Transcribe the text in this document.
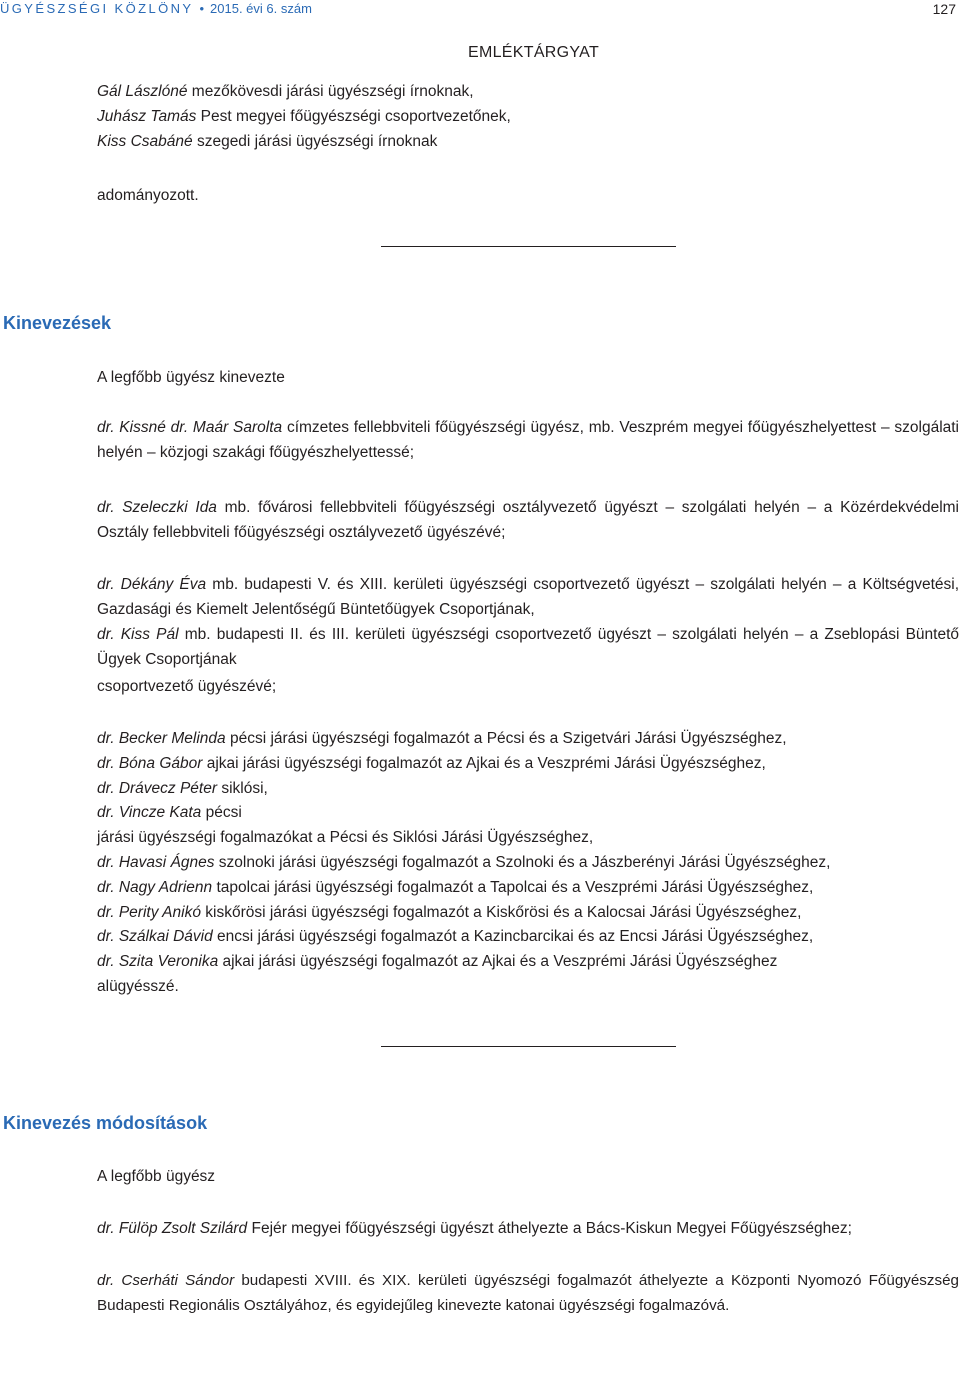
ÜGYÉSZSÉGI KÖZLÖNY • 2015. évi 6. szám	127
EMLÉKTÁRGYAT
Gál Lászlóné mezőkövesdi járási ügyészségi írnoknak,
Juhász Tamás Pest megyei főügyészségi csoportvezetőnek,
Kiss Csabáné szegedi járási ügyészségi írnoknak
adományozott.
Kinevezések
A legfőbb ügyész kinevezte
dr. Kissné dr. Maár Sarolta címzetes fellebbviteli főügyészségi ügyész, mb. Veszprém megyei főügyészhelyettest – szolgálati helyén – közjogi szakági főügyészhelyettessé;
dr. Szeleczki Ida mb. fővárosi fellebbviteli főügyészségi osztályvezető ügyészt – szolgálati helyén – a Közérdekvédelmi Osztály fellebbviteli főügyészségi osztályvezető ügyészévé;
dr. Dékány Éva mb. budapesti V. és XIII. kerületi ügyészségi csoportvezető ügyészt – szolgálati helyén – a Költségvetési, Gazdasági és Kiemelt Jelentőségű Büntetőügyek Csoportjának,
dr. Kiss Pál mb. budapesti II. és III. kerületi ügyészségi csoportvezető ügyészt – szolgálati helyén – a Zseblopási Büntető Ügyek Csoportjának
csoportvezető ügyészévé;
dr. Becker Melinda pécsi járási ügyészségi fogalmazót a Pécsi és a Szigetvári Járási Ügyészséghez,
dr. Bóna Gábor ajkai járási ügyészségi fogalmazót az Ajkai és a Veszprémi Járási Ügyészséghez,
dr. Drávecz Péter siklósi,
dr. Vincze Kata pécsi
járási ügyészségi fogalmazókat a Pécsi és Siklósi Járási Ügyészséghez,
dr. Havasi Ágnes szolnoki járási ügyészségi fogalmazót a Szolnoki és a Jászberényi Járási Ügyészséghez,
dr. Nagy Adrienn tapolcai járási ügyészségi fogalmazót a Tapolcai és a Veszprémi Járási Ügyészséghez,
dr. Perity Anikó kiskőrösi járási ügyészségi fogalmazót a Kiskőrösi és a Kalocsai Járási Ügyészséghez,
dr. Szálkai Dávid encsi járási ügyészségi fogalmazót a Kazincbarcikai és az Encsi Járási Ügyészséghez,
dr. Szita Veronika ajkai járási ügyészségi fogalmazót az Ajkai és a Veszprémi Járási Ügyészséghez
alügyésszé.
Kinevezés módosítások
A legfőbb ügyész
dr. Fülöp Zsolt Szilárd Fejér megyei főügyészségi ügyészt áthelyezte a Bács-Kiskun Megyei Főügyészséghez;
dr. Cserháti Sándor budapesti XVIII. és XIX. kerületi ügyészségi fogalmazót áthelyezte a Központi Nyomozó Főügyészség Budapesti Regionális Osztályához, és egyidejűleg kinevezte katonai ügyészségi fogalmazóvá.
